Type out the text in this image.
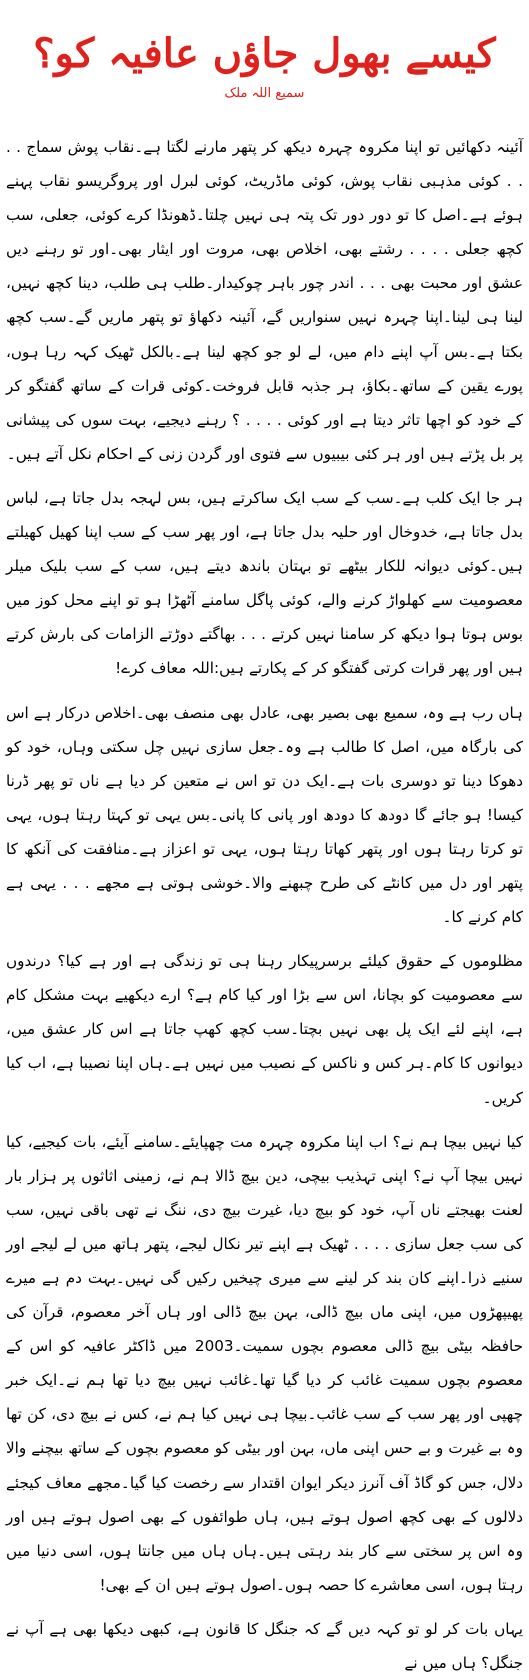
کیسے بھول جاؤں عافیہ کو؟
سمیع اللہ ملک

آئینہ دکھائیں تو اپنا مکروہ چہرہ دیکھ کر پتھر مارنے لگتا ہے۔نقاب پوش سماج . . . . کوئی مذہبی نقاب پوش، کوئی ماڈریٹ، کوئی لبرل اور پروگریسو نقاب پہنے ہوئے ہے۔اصل کا تو دور دور تک پتہ ہی نہیں چلتا۔ڈھونڈا کرے کوئی، جعلی، سب کچھ جعلی . . . . رشتے بھی، اخلاص بھی، مروت اور ایثار بھی۔اور تو رہنے دیں عشق اور محبت بھی . . . اندر چور باہر چوکیدار۔طلب ہی طلب، دینا کچھ نہیں، لینا ہی لینا۔اپنا چہرہ نہیں سنواریں گے، آئینہ دکھاؤ تو پتھر ماریں گے۔سب کچھ بکتا ہے۔بس آپ اپنے دام میں، لے لو جو کچھ لینا ہے۔بالکل ٹھیک کہہ رہا ہوں، پورے یقین کے ساتھ۔بکاؤ، ہر جذبہ قابل فروخت۔کوئی قرات کے ساتھ گفتگو کر کے خود کو اچھا تاثر دیتا ہے اور کوئی . . . . ؟ رہنے دیجیے، بہت سوں کی پیشانی پر بل پڑتے ہیں اور ہر کئی بیبیوں سے فتوی اور گردن زنی کے احکام نکل آتے ہیں۔

ہر جا ایک کلب ہے۔سب کے سب ایک ساکرتے ہیں، بس لہجہ بدل جاتا ہے، لباس بدل جاتا ہے، خدوخال اور حلیہ بدل جاتا ہے، اور پھر سب کے سب اپنا کھیل کھیلتے ہیں۔کوئی دیوانہ للکار بیٹھے تو بہتان باندھ دیتے ہیں، سب کے سب بلیک میلر معصومیت سے کھلواڑ کرنے والے، کوئی پاگل سامنے آٹھڑا ہو تو اپنے محل کوز میں بوس ہوتا ہوا دیکھ کر سامنا نہیں کرتے . . . بھاگتے دوڑتے الزامات کی بارش کرتے ہیں اور پھر قرات کرتی گفتگو کر کے پکارتے ہیں:اللہ معاف کرے!

ہاں رب ہے وہ، سمیع بھی بصیر بھی، عادل بھی منصف بھی۔اخلاص درکار ہے اس کی بارگاہ میں، اصل کا طالب ہے وہ۔جعل سازی نہیں چل سکتی وہاں، خود کو دھوکا دینا تو دوسری بات ہے۔ایک دن تو اس نے متعین کر دیا ہے ناں تو پھر ڈرنا کیسا! ہو جائے گا دودھ کا دودھ اور پانی کا پانی۔بس یہی تو کہتا رہتا ہوں، یہی تو کرتا رہتا ہوں اور پتھر کھاتا رہتا ہوں، یہی تو اعزاز ہے۔منافقت کی آنکھ کا پتھر اور دل میں کانٹے کی طرح چبھنے والا۔خوشی ہوتی ہے مجھے . . . یہی ہے کام کرنے کا۔

مظلوموں کے حقوق کیلئے برسرپیکار رہنا ہی تو زندگی ہے اور ہے کیا؟ درندوں سے معصومیت کو بچانا، اس سے بڑا اور کیا کام ہے؟ ارے دیکھیے بہت مشکل کام ہے، اپنے لئے ایک پل بھی نہیں بچتا۔سب کچھ کھپ جاتا ہے اس کار عشق میں، دیوانوں کا کام۔ہر کس و ناکس کے نصیب میں نہیں ہے۔ہاں اپنا نصیبا ہے، اب کیا کریں۔

کیا نہیں بیچا ہم نے؟ اب اپنا مکروہ چہرہ مت چھپایئے۔سامنے آیئے، بات کیجیے، کیا نہیں بیچا آپ نے؟ اپنی تہذیب بیچی، دین بیچ ڈالا ہم نے، زمینی اثاثوں پر ہزار بار لعنت بھیجتے ناں آپ، خود کو بیچ دیا، غیرت بیچ دی، ننگ نے تھی باقی نہیں، سب کی سب جعل سازی . . . . ٹھیک ہے اپنے تیر نکال لیجے، پتھر ہاتھ میں لے لیجے اور سنیے ذرا۔اپنے کان بند کر لینے سے میری چیخیں رکیں گی نہیں۔بہت دم ہے میرے پھیپھڑوں میں، اپنی ماں بیچ ڈالی، بہن بیچ ڈالی اور ہاں آخر معصوم، قرآن کی حافظہ بیٹی بیچ ڈالی معصوم بچوں سمیت۔2003 میں ڈاکٹر عافیہ کو اس کے معصوم بچوں سمیت غائب کر دیا گیا تھا۔غائب نہیں بیچ دیا تھا ہم نے۔ایک خبر چھپی اور پھر سب کے سب غائب۔بیچا ہی نہیں کیا ہم نے، کس نے بیچ دی، کن تھا وہ بے غیرت و بے حس اپنی ماں، بہن اور بیٹی کو معصوم بچوں کے ساتھ بیچنے والا دلال، جس کو گاڈ آف آنرز دیکر ایوان اقتدار سے رخصت کیا گیا۔مجھے معاف کیجئے دلالوں کے بھی کچھ اصول ہوتے ہیں، ہاں طوائفوں کے بھی اصول ہوتے ہیں اور وہ اس پر سختی سے کار بند رہتی ہیں۔ہاں ہاں میں جانتا ہوں، اسی دنیا میں رہتا ہوں، اسی معاشرے کا حصہ ہوں۔اصول ہوتے ہیں ان کے بھی!

یہاں بات کر لو تو کہہ دیں گے کہ جنگل کا قانون ہے، کبھی دیکھا بھی ہے آپ نے جنگل؟ ہاں میں نے
